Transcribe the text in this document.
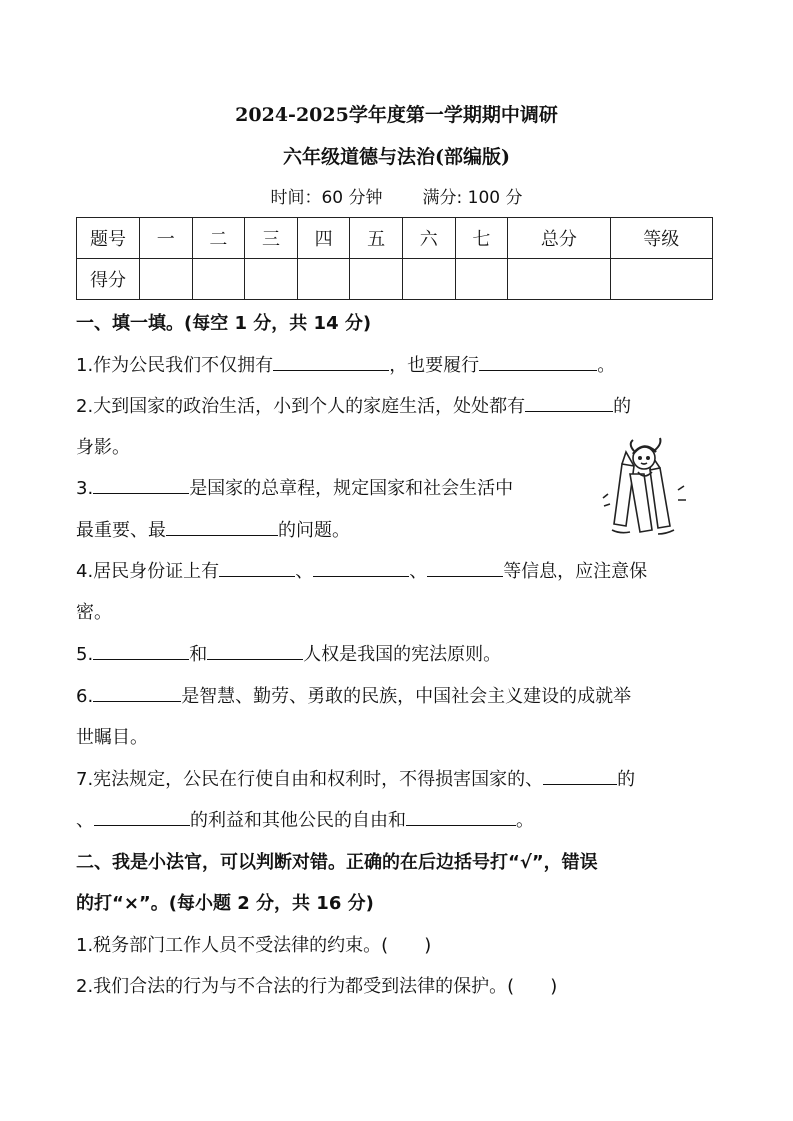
2024-2025学年度第一学期期中调研
六年级道德与法治(部编版)
时间：60 分钟 满分: 100 分
题号	一	二	三	四	五	六	七	总分	等级
得分									
一、填一填。(每空 1 分，共 14 分)
1.作为公民我们不仅拥有	，也要履行	。
2.大到国家的政治生活，小到个人的家庭生活，处处都有	的
身影。
3.	是国家的总章程，规定国家和社会生活中
最重要、最	的问题。
4.居民身份证上有	、	、	等信息，应注意保
密。
5.	和	人权是我国的宪法原则。
6.	是智慧、勤劳、勇敢的民族，中国社会主义建设的成就举
世瞩目。
7.宪法规定，公民在行使自由和权利时，不得损害国家的、	的
、	的利益和其他公民的自由和	。
二、我是小法官，可以判断对错。正确的在后边括号打“√”，错误
的打“×”。(每小题 2 分，共 16 分)
1.税务部门工作人员不受法律的约束。(　　)
2.我们合法的行为与不合法的行为都受到法律的保护。(　　)
